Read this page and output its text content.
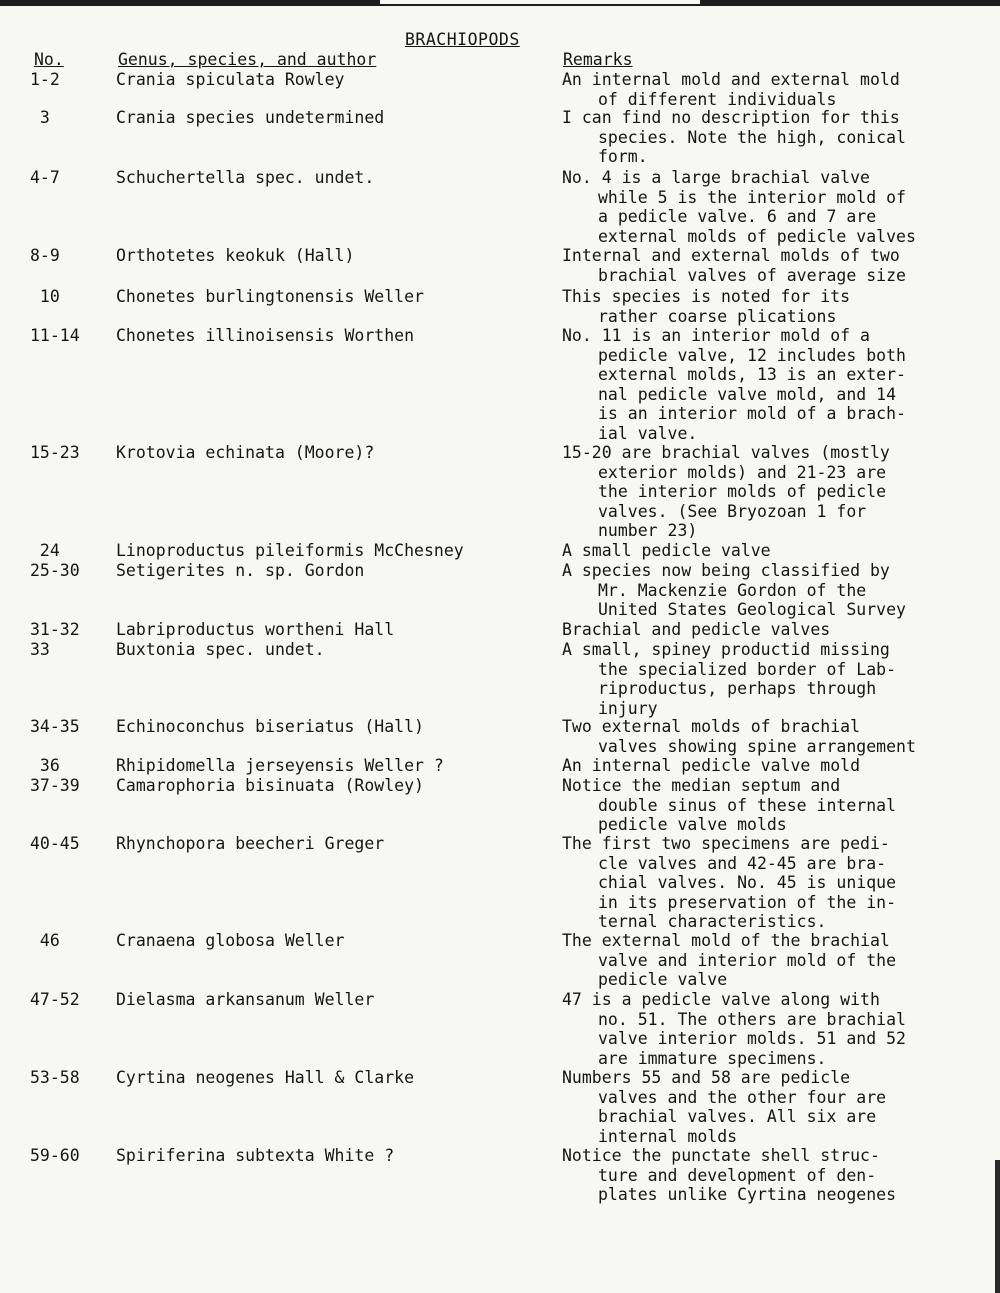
BRACHIOPODS
No.	Genus, species, and author	Remarks
1-2	Crania spiculata Rowley	An internal mold and external mold
of different individuals
3	Crania species undetermined	I can find no description for this
species. Note the high, conical
form.
4-7	Schuchertella spec. undet.	No. 4 is a large brachial valve
while 5 is the interior mold of
a pedicle valve. 6 and 7 are
external molds of pedicle valves
8-9	Orthotetes keokuk (Hall)	Internal and external molds of two
brachial valves of average size
10	Chonetes burlingtonensis Weller	This species is noted for its
rather coarse plications
11-14	Chonetes illinoisensis Worthen	No. 11 is an interior mold of a
pedicle valve, 12 includes both
external molds, 13 is an exter-
nal pedicle valve mold, and 14
is an interior mold of a brach-
ial valve.
15-23	Krotovia echinata (Moore)?	15-20 are brachial valves (mostly
exterior molds) and 21-23 are
the interior molds of pedicle
valves. (See Bryozoan 1 for
number 23)
24	Linoproductus pileiformis McChesney	A small pedicle valve
25-30	Setigerites n. sp. Gordon	A species now being classified by
Mr. Mackenzie Gordon of the
United States Geological Survey
31-32	Labriproductus wortheni Hall	Brachial and pedicle valves
33	Buxtonia spec. undet.	A small, spiney productid missing
the specialized border of Lab-
riproductus, perhaps through
injury
34-35	Echinoconchus biseriatus (Hall)	Two external molds of brachial
valves showing spine arrangement
36	Rhipidomella jerseyensis Weller ?	An internal pedicle valve mold
37-39	Camarophoria bisinuata (Rowley)	Notice the median septum and
double sinus of these internal
pedicle valve molds
40-45	Rhynchopora beecheri Greger	The first two specimens are pedi-
cle valves and 42-45 are bra-
chial valves. No. 45 is unique
in its preservation of the in-
ternal characteristics.
46	Cranaena globosa Weller	The external mold of the brachial
valve and interior mold of the
pedicle valve
47-52	Dielasma arkansanum Weller	47 is a pedicle valve along with
no. 51. The others are brachial
valve interior molds. 51 and 52
are immature specimens.
53-58	Cyrtina neogenes Hall & Clarke	Numbers 55 and 58 are pedicle
valves and the other four are
brachial valves. All six are
internal molds
59-60	Spiriferina subtexta White ?	Notice the punctate shell struc-
ture and development of den-
plates unlike Cyrtina neogenes
